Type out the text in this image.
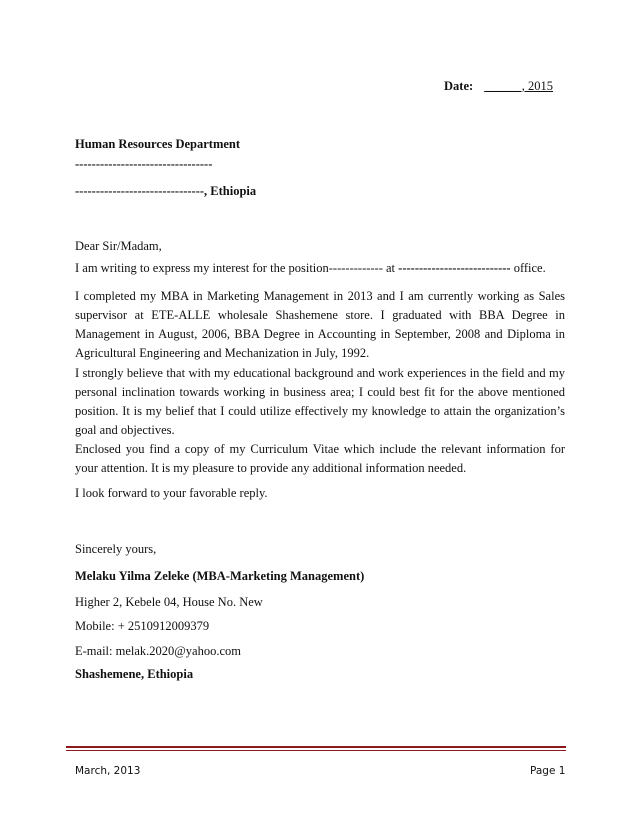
Date: ______, 2015
Human Resources Department
---------------------------------
-------------------------------, Ethiopia
Dear Sir/Madam,
I am writing to express my interest for the position------------- at --------------------------- office.

I completed my MBA in Marketing Management in 2013 and I am currently working as Sales supervisor at ETE-ALLE wholesale Shashemene store. I graduated with BBA Degree in Management in August, 2006, BBA Degree in Accounting in September, 2008 and Diploma in Agricultural Engineering and Mechanization in July, 1992.

I strongly believe that with my educational background and work experiences in the field and my personal inclination towards working in business area; I could best fit for the above mentioned position. It is my belief that I could utilize effectively my knowledge to attain the organization’s goal and objectives.

Enclosed you find a copy of my Curriculum Vitae which include the relevant information for your attention. It is my pleasure to provide any additional information needed.

I look forward to your favorable reply.

Sincerely yours,
Melaku Yilma Zeleke (MBA-Marketing Management)
Higher 2, Kebele 04, House No. New
Mobile: + 2510912009379
E-mail: melak.2020@yahoo.com
Shashemene, Ethiopia
March, 2013	Page 1
